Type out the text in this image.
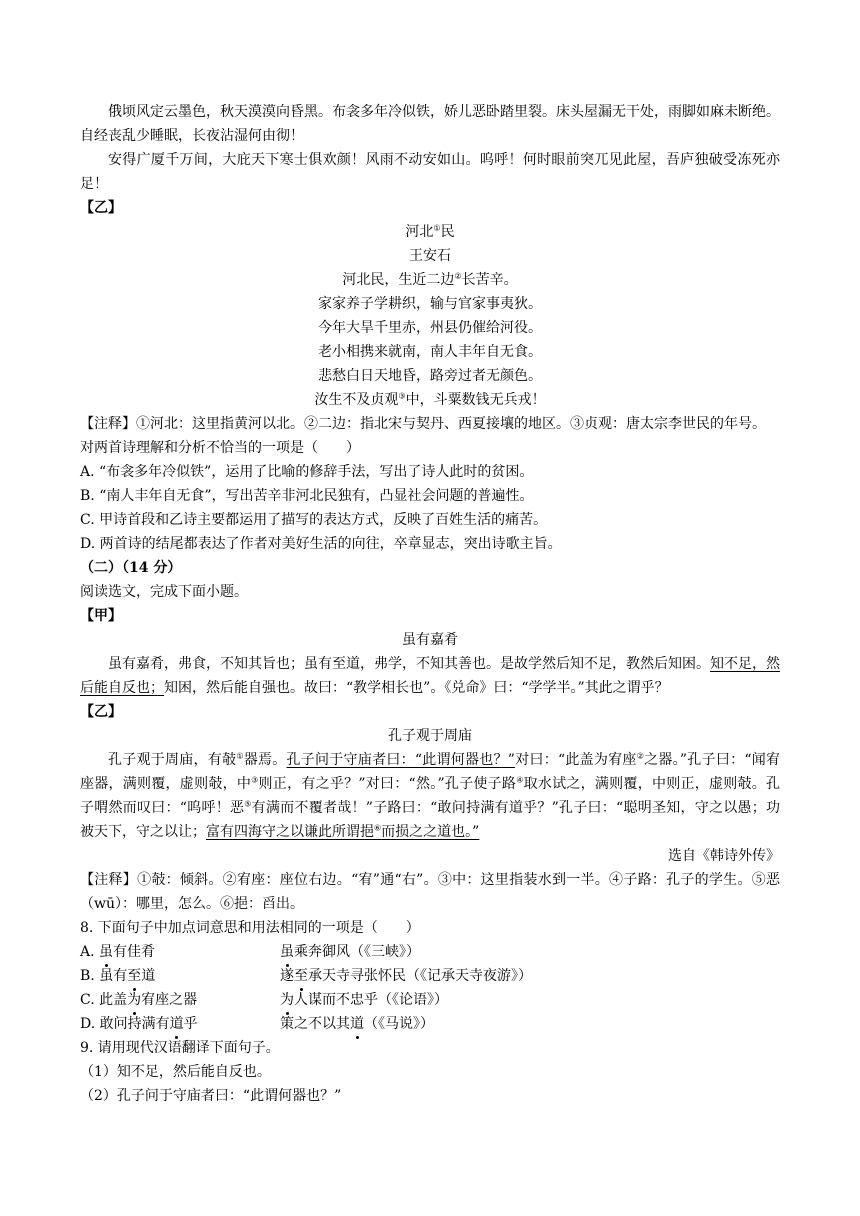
俄顷风定云墨色，秋天漠漠向昏黑。布衾多年冷似铁，娇儿恶卧踏里裂。床头屋漏无干处，雨脚如麻未断绝。自经丧乱少睡眠，长夜沾湿何由彻！

安得广厦千万间，大庇天下寒士俱欢颜！风雨不动安如山。呜呼！何时眼前突兀见此屋，吾庐独破受冻死亦足！

【乙】

河北①民

王安石

河北民，生近二边②长苦辛。

家家养子学耕织，输与官家事夷狄。

今年大旱千里赤，州县仍催给河役。

老小相携来就南，南人丰年自无食。

悲愁白日天地昏，路旁过者无颜色。

汝生不及贞观③中，斗粟数钱无兵戎！

【注释】①河北：这里指黄河以北。②二边：指北宋与契丹、西夏接壤的地区。③贞观：唐太宗李世民的年号。

对两首诗理解和分析不恰当的一项是（　　）

A. “布衾多年冷似铁”，运用了比喻的修辞手法，写出了诗人此时的贫困。

B. “南人丰年自无食”，写出苦辛非河北民独有，凸显社会问题的普遍性。

C. 甲诗首段和乙诗主要都运用了描写的表达方式，反映了百姓生活的痛苦。

D. 两首诗的结尾都表达了作者对美好生活的向往，卒章显志，突出诗歌主旨。

（二）（14 分）

阅读选文，完成下面小题。

【甲】

虽有嘉肴

虽有嘉肴，弗食，不知其旨也；虽有至道，弗学，不知其善也。是故学然后知不足，教然后知困。知不足，然后能自反也；知困，然后能自强也。故曰：“教学相长也”。《兑命》曰：“学学半。”其此之谓乎？

【乙】

孔子观于周庙

孔子观于周庙，有攲①器焉。孔子问于守庙者曰：“此谓何器也？”对曰：“此盖为宥座②之器。”孔子曰：“闻宥座器，满则覆，虚则攲，中③则正，有之乎？”对曰：“然。”孔子使子路④取水试之，满则覆，中则正，虚则攲。孔子喟然而叹曰：“呜呼！恶⑤有满而不覆者哉！”子路曰：“敢问持满有道乎？”孔子曰：“聪明圣知，守之以愚；功被天下，守之以让；富有四海守之以谦此所谓挹⑥而损之之道也。”

选自《韩诗外传》

【注释】①攲：倾斜。②宥座：座位右边。“宥”通“右”。③中：这里指装水到一半。④子路：孔子的学生。⑤恶（wū）：哪里，怎么。⑥挹：舀出。

8. 下面句子中加点词意思和用法相同的一项是（　　）

A. 虽有佳肴	虽乘奔御风（《三峡》）
B. 虽有至道	遂至承天寺寻张怀民（《记承天寺夜游》）
C. 此盖为宥座之器	为人谋而不忠乎（《论语》）
D. 敢问持满有道乎	策之不以其道（《马说》）

9. 请用现代汉语翻译下面句子。

（1）知不足，然后能自反也。

（2）孔子问于守庙者曰：“此谓何器也？”
